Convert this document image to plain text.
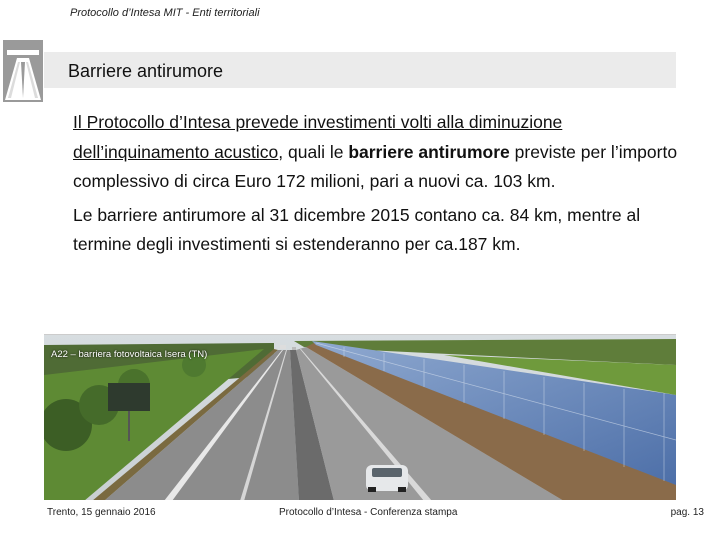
Protocollo d’Intesa MIT - Enti territoriali
Barriere antirumore

Il Protocollo d’Intesa prevede investimenti volti alla diminuzione dell’inquinamento acustico, quali le barriere antirumore previste per l’importo complessivo di circa Euro 172 milioni, pari a nuovi ca. 103 km.

Le barriere antirumore al 31 dicembre 2015 contano ca. 84 km, mentre al termine degli investimenti si estenderanno per ca.187 km.

A22 – barriera fotovoltaica Isera (TN)
Trento, 15 gennaio 2016	Protocollo d’Intesa - Conferenza stampa	pag. 13
